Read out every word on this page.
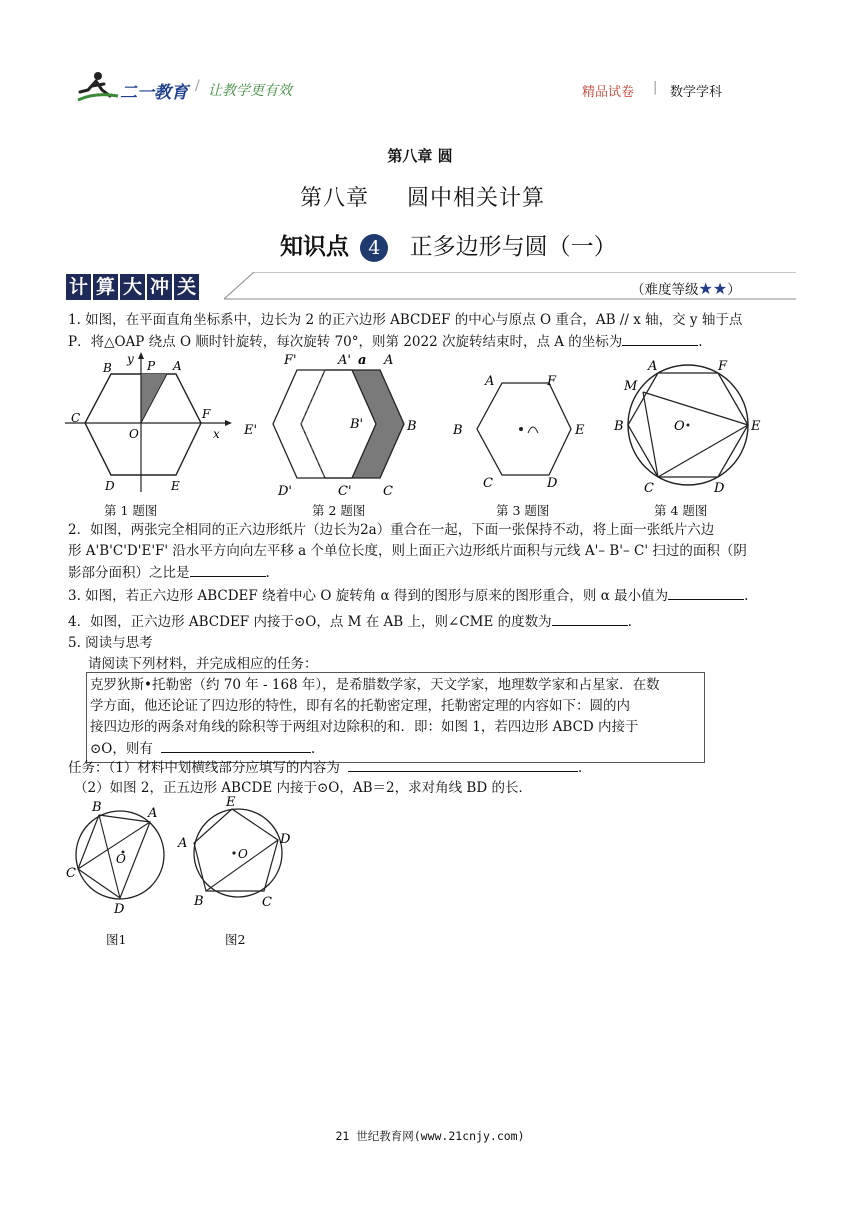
二一教育 / 让教学更有效	精品试卷 | 数学学科
第八章 圆
第八章 圆中相关计算
知识点 4 正多边形与圆（一）
计 算 大 冲 关	（难度等级★★）
1. 如图，在平面直角坐标系中，边长为 2 的正六边形 ABCDEF 的中心与原点 O 重合，AB // x 轴，交 y 轴于点
P．将△OAP 绕点 O 顺时针旋转，每次旋转 70°，则第 2022 次旋转结束时，点 A 的坐标为	.
y
B	P A
C	F
O	x
D	E
第 1 题图
F'	A' a A
E'	B'	B
D'	C' C
第 2 题图
A	F
B	E
C	D
第 3 题图
A	F
M
B	O	E
C	D
第 4 题图
2．如图，两张完全相同的正六边形纸片（边长为2a）重合在一起，下面一张保持不动，将上面一张纸片六边
形 A'B'C'D'E'F' 沿水平方向向左平移 a 个单位长度，则上面正六边形纸片面积与元线 A'– B'– C' 扫过的面积（阴
影部分面积）之比是	.
3. 如图，若正六边形 ABCDEF 绕着中心 O 旋转角 α 得到的图形与原来的图形重合，则 α 最小值为	.
4．如图，正六边形 ABCDEF 内接于⊙O，点 M 在 AB 上，则∠CME 的度数为	.
5. 阅读与思考
请阅读下列材料，并完成相应的任务：
克罗狄斯•托勒密（约 70 年 - 168 年），是希腊数学家，天文学家，地理数学家和占星家．在数
学方面，他还论证了四边形的特性，即有名的托勒密定理，托勒密定理的内容如下：圆的内
接四边形的两条对角线的除积等于两组对边除积的和．即：如图 1，若四边形 ABCD 内接于
⊙O，则有	.
任务：（1）材料中划横线部分应填写的内容为	.
（2）如图 2，正五边形 ABCDE 内接于⊙O，AB＝2，求对角线 BD 的长．
B	A
O
C
D
图1
E
D
A
O
B	C
图2
21 世纪教育网(www.21cnjy.com)
